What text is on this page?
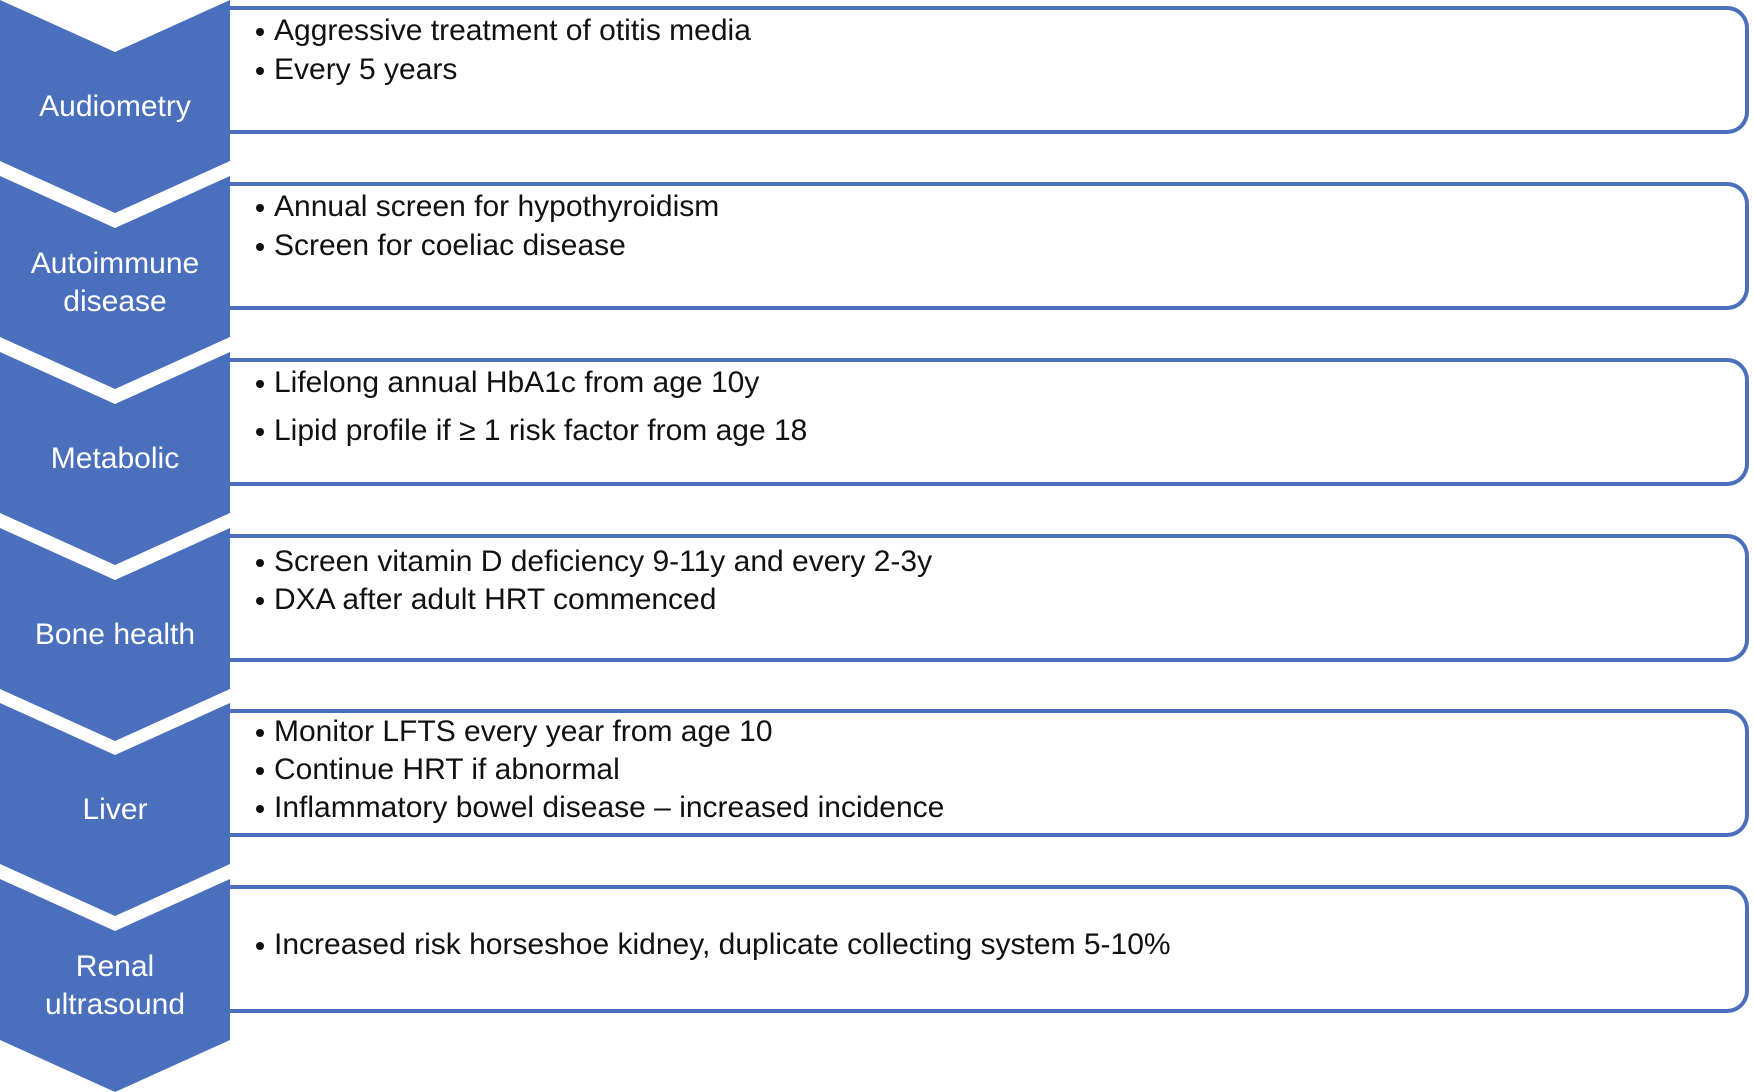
Audiometry
Aggressive treatment of otitis media
Every 5 years
Autoimmune
disease
Annual screen for hypothyroidism
Screen for coeliac disease
Metabolic
Lifelong annual HbA1c from age 10y
Lipid profile if ≥ 1 risk factor from age 18
Bone health
Screen vitamin D deficiency 9-11y and every 2-3y
DXA after adult HRT commenced
Liver
Monitor LFTS every year from age 10
Continue HRT if abnormal
Inflammatory bowel disease – increased incidence
Renal
ultrasound
Increased risk horseshoe kidney, duplicate collecting system 5-10%
